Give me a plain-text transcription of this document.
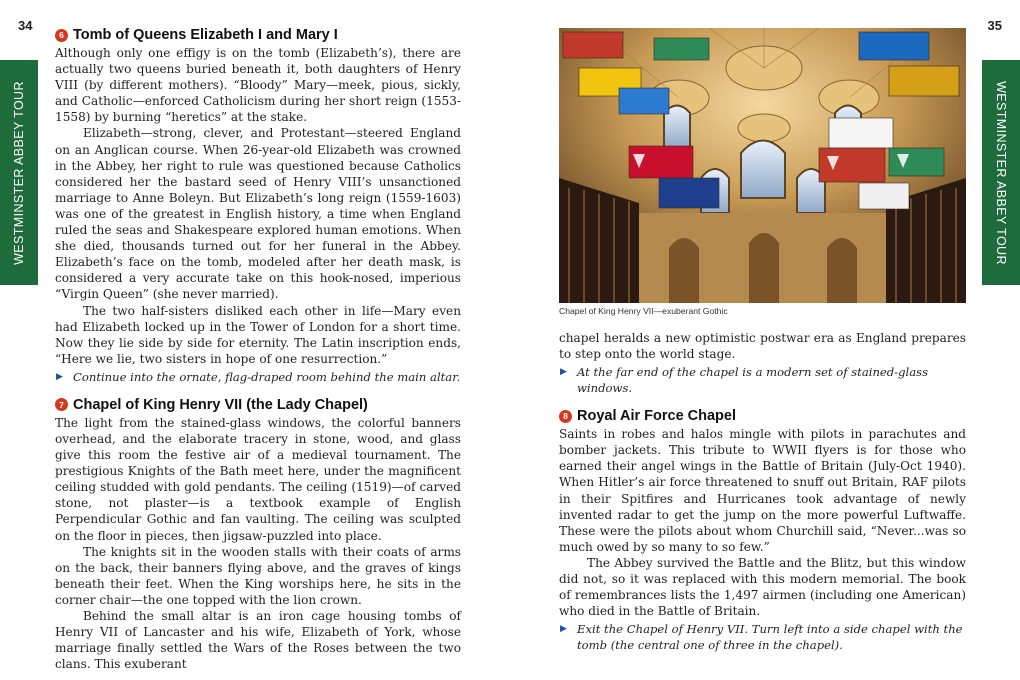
34	35
WESTMINSTER ABBEY TOUR	WESTMINSTER ABBEY TOUR
6 Tomb of Queens Elizabeth I and Mary I

Although only one effigy is on the tomb (Elizabeth’s), there are actually two queens buried beneath it, both daughters of Henry VIII (by different mothers). “Bloody” Mary—meek, pious, sickly, and Catholic—enforced Catholicism during her short reign (1553-1558) by burning “heretics” at the stake.

Elizabeth—strong, clever, and Protestant—steered England on an Anglican course. When 26-year-old Elizabeth was crowned in the Abbey, her right to rule was questioned because Catholics considered her the bastard seed of Henry VIII’s unsanctioned marriage to Anne Boleyn. But Elizabeth’s long reign (1559-1603) was one of the greatest in English history, a time when England ruled the seas and Shakespeare explored human emotions. When she died, thousands turned out for her funeral in the Abbey. Elizabeth’s face on the tomb, modeled after her death mask, is considered a very accurate take on this hook-nosed, imperious “Virgin Queen” (she never married).

The two half-sisters disliked each other in life—Mary even had Elizabeth locked up in the Tower of London for a short time. Now they lie side by side for eternity. The Latin inscription ends, “Here we lie, two sisters in hope of one resurrection.”

▶ Continue into the ornate, flag-draped room behind the main altar.

7 Chapel of King Henry VII (the Lady Chapel)

The light from the stained-glass windows, the colorful banners overhead, and the elaborate tracery in stone, wood, and glass give this room the festive air of a medieval tournament. The prestigious Knights of the Bath meet here, under the magnificent ceiling studded with gold pendants. The ceiling (1519)—of carved stone, not plaster—is a textbook example of English Perpendicular Gothic and fan vaulting. The ceiling was sculpted on the floor in pieces, then jigsaw-puzzled into place.

The knights sit in the wooden stalls with their coats of arms on the back, their banners flying above, and the graves of kings beneath their feet. When the King worships here, he sits in the corner chair—the one topped with the lion crown.

Behind the small altar is an iron cage housing tombs of Henry VII of Lancaster and his wife, Elizabeth of York, whose marriage finally settled the Wars of the Roses between the two clans. This exuberant

Chapel of King Henry VII—exuberant Gothic

chapel heralds a new optimistic postwar era as England prepares to step onto the world stage.

▶ At the far end of the chapel is a modern set of stained-glass windows.

8 Royal Air Force Chapel

Saints in robes and halos mingle with pilots in parachutes and bomber jackets. This tribute to WWII flyers is for those who earned their angel wings in the Battle of Britain (July-Oct 1940). When Hitler’s air force threatened to snuff out Britain, RAF pilots in their Spitfires and Hurricanes took advantage of newly invented radar to get the jump on the more powerful Luftwaffe. These were the pilots about whom Churchill said, “Never...was so much owed by so many to so few.”

The Abbey survived the Battle and the Blitz, but this window did not, so it was replaced with this modern memorial. The book of remembrances lists the 1,497 airmen (including one American) who died in the Battle of Britain.

▶ Exit the Chapel of Henry VII. Turn left into a side chapel with the tomb (the central one of three in the chapel).
